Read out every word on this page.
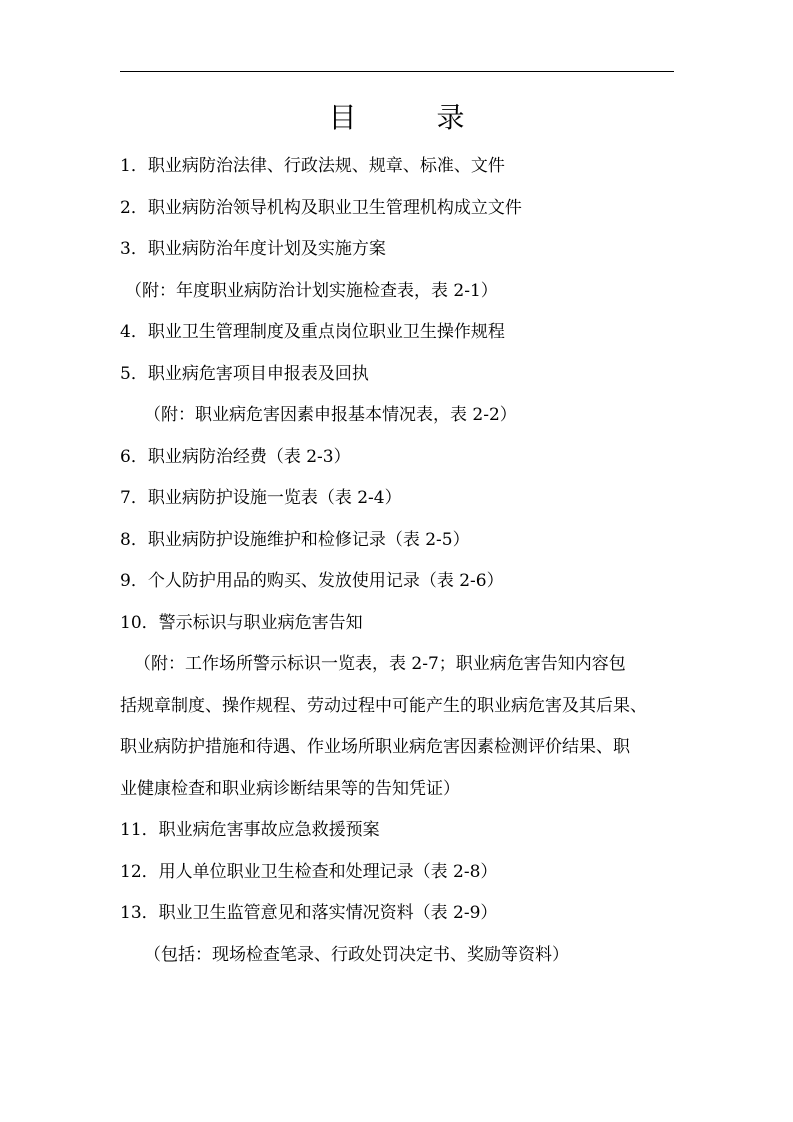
目　录
1．职业病防治法律、行政法规、规章、标准、文件
2．职业病防治领导机构及职业卫生管理机构成立文件
3．职业病防治年度计划及实施方案
（附：年度职业病防治计划实施检查表，表 2-1）
4．职业卫生管理制度及重点岗位职业卫生操作规程
5．职业病危害项目申报表及回执
（附：职业病危害因素申报基本情况表，表 2-2）
6．职业病防治经费（表 2-3）
7．职业病防护设施一览表（表 2-4）
8．职业病防护设施维护和检修记录（表 2-5）
9．个人防护用品的购买、发放使用记录（表 2-6）
10．警示标识与职业病危害告知
（附：工作场所警示标识一览表，表 2-7；职业病危害告知内容包
括规章制度、操作规程、劳动过程中可能产生的职业病危害及其后果、
职业病防护措施和待遇、作业场所职业病危害因素检测评价结果、职
业健康检查和职业病诊断结果等的告知凭证）
11．职业病危害事故应急救援预案
12．用人单位职业卫生检查和处理记录（表 2-8）
13．职业卫生监管意见和落实情况资料（表 2-9）
（包括：现场检查笔录、行政处罚决定书、奖励等资料）
